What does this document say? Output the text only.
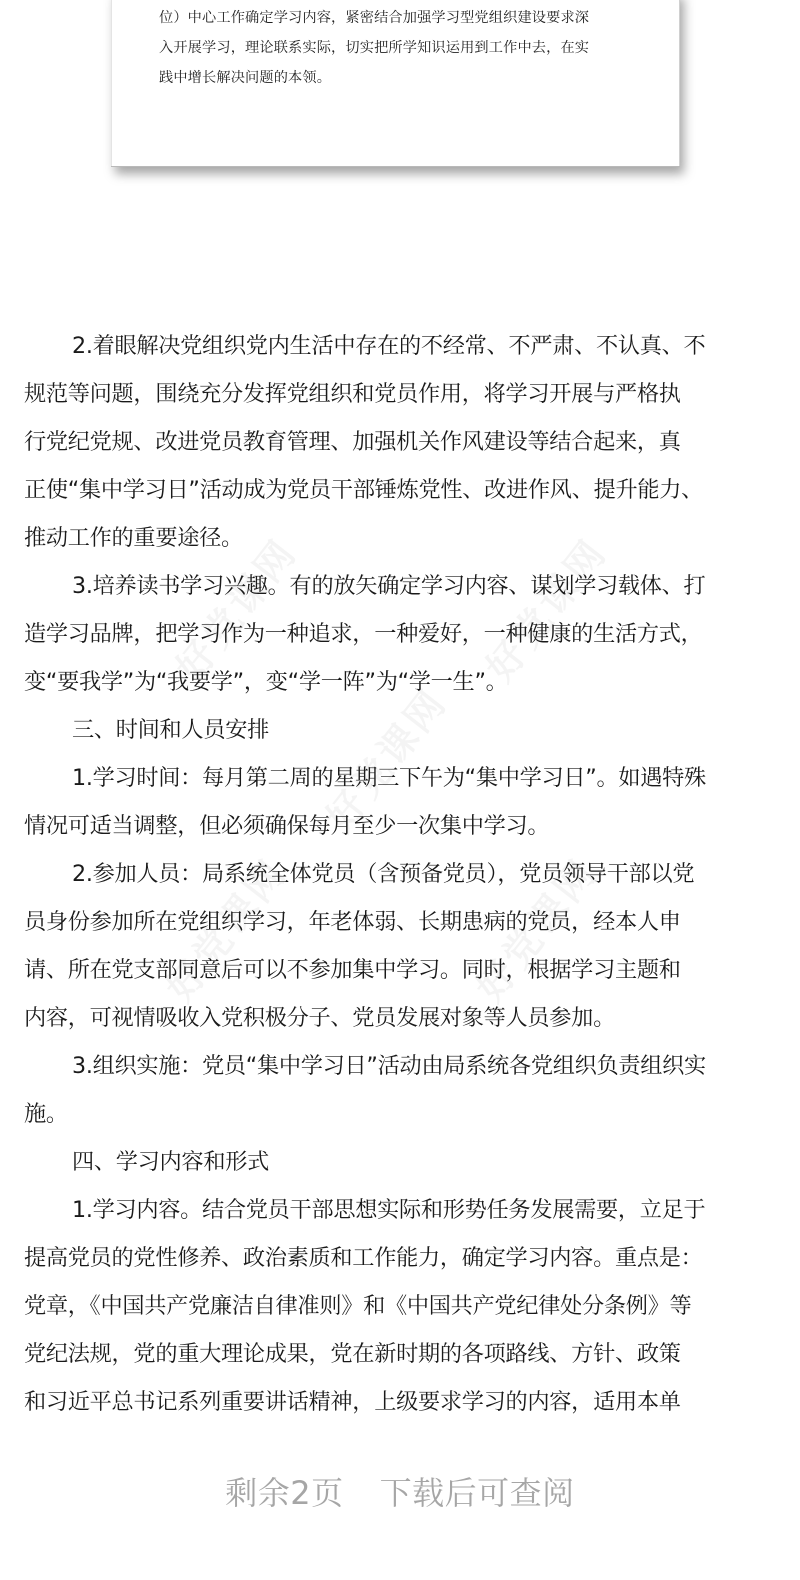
位）中心工作确定学习内容，紧密结合加强学习型党组织建设要求深
入开展学习，理论联系实际，切实把所学知识运用到工作中去，在实
践中增长解决问题的本领。
2.着眼解决党组织党内生活中存在的不经常、不严肃、不认真、不
规范等问题，围绕充分发挥党组织和党员作用，将学习开展与严格执
行党纪党规、改进党员教育管理、加强机关作风建设等结合起来，真
正使“集中学习日”活动成为党员干部锤炼党性、改进作风、提升能力、
推动工作的重要途径。
3.培养读书学习兴趣。有的放矢确定学习内容、谋划学习载体、打
造学习品牌，把学习作为一种追求，一种爱好，一种健康的生活方式，
变“要我学”为“我要学”，变“学一阵”为“学一生”。
三、时间和人员安排
1.学习时间：每月第二周的星期三下午为“集中学习日”。如遇特殊
情况可适当调整，但必须确保每月至少一次集中学习。
2.参加人员：局系统全体党员（含预备党员），党员领导干部以党
员身份参加所在党组织学习，年老体弱、长期患病的党员，经本人申
请、所在党支部同意后可以不参加集中学习。同时，根据学习主题和
内容，可视情吸收入党积极分子、党员发展对象等人员参加。
3.组织实施：党员“集中学习日”活动由局系统各党组织负责组织实
施。
四、学习内容和形式
1.学习内容。结合党员干部思想实际和形势任务发展需要，立足于
提高党员的党性修养、政治素质和工作能力，确定学习内容。重点是：
党章，《中国共产党廉洁自律准则》和《中国共产党纪律处分条例》等
党纪法规，党的重大理论成果，党在新时期的各项路线、方针、政策
和习近平总书记系列重要讲话精神，上级要求学习的内容，适用本单
剩余2页 下载后可查阅
